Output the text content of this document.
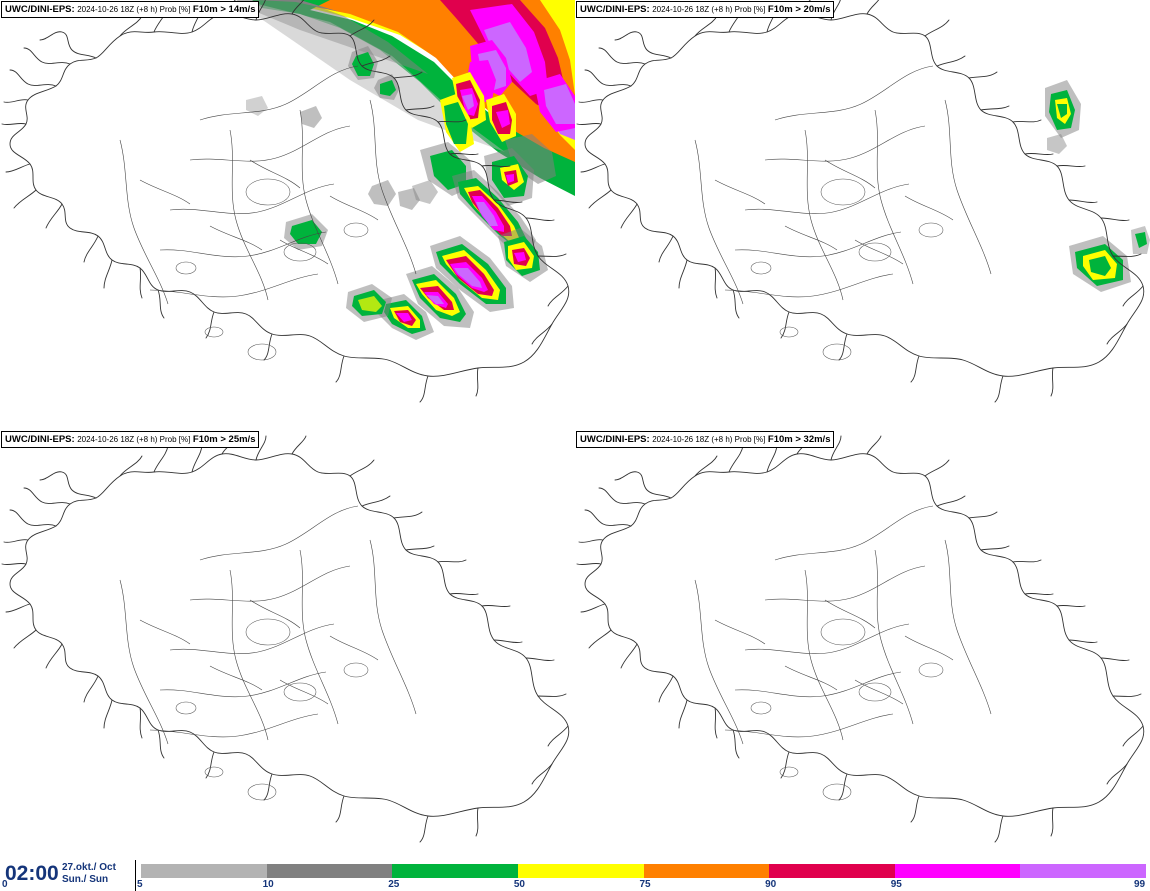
UWC/DINI-EPS: 2024-10-26 18Z (+8 h) Prob [%] F10m > 14m/s	UWC/DINI-EPS: 2024-10-26 18Z (+8 h) Prob [%] F10m > 20m/s
UWC/DINI-EPS: 2024-10-26 18Z (+8 h) Prob [%] F10m > 25m/s	UWC/DINI-EPS: 2024-10-26 18Z (+8 h) Prob [%] F10m > 32m/s
02:00 27.okt./ Oct
Sun./ Sun
0	5	10	25	50	75	90	95	99
